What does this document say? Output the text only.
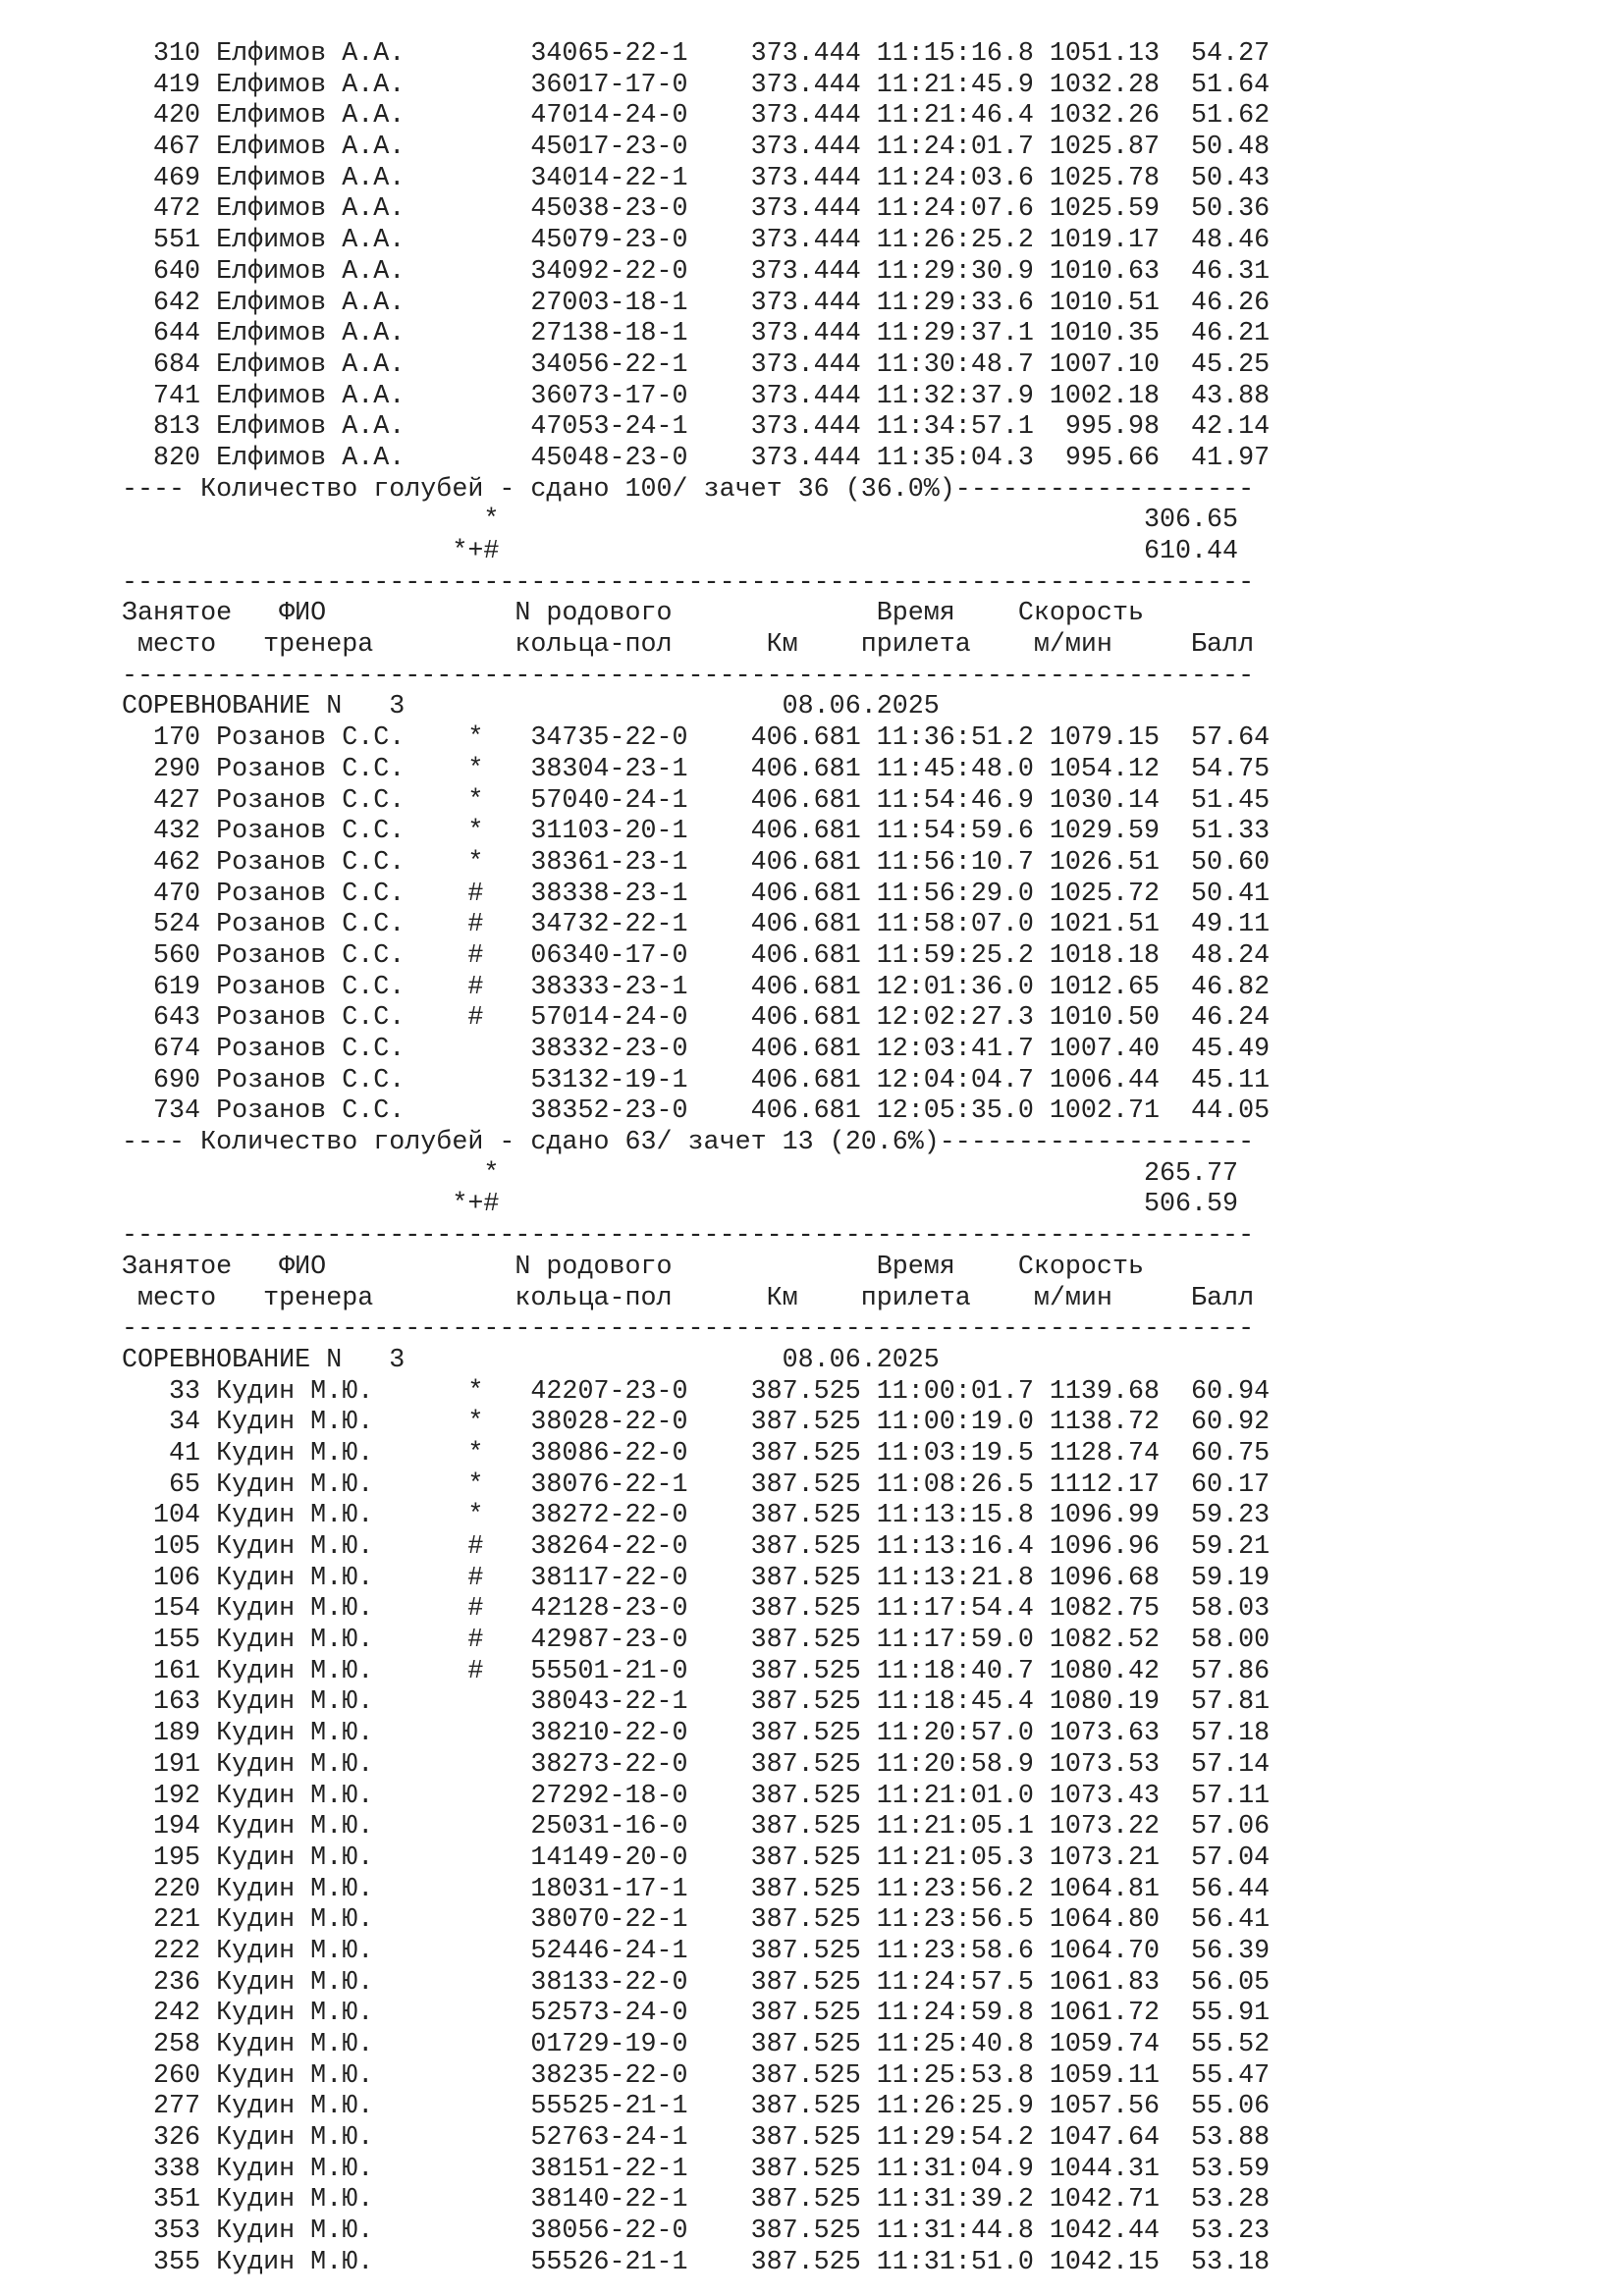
310 Елфимов А.А.        34065-22-1    373.444 11:15:16.8 1051.13  54.27
419 Елфимов А.А.        36017-17-0    373.444 11:21:45.9 1032.28  51.64
420 Елфимов А.А.        47014-24-0    373.444 11:21:46.4 1032.26  51.62
467 Елфимов А.А.        45017-23-0    373.444 11:24:01.7 1025.87  50.48
469 Елфимов А.А.        34014-22-1    373.444 11:24:03.6 1025.78  50.43
472 Елфимов А.А.        45038-23-0    373.444 11:24:07.6 1025.59  50.36
551 Елфимов А.А.        45079-23-0    373.444 11:26:25.2 1019.17  48.46
640 Елфимов А.А.        34092-22-0    373.444 11:29:30.9 1010.63  46.31
642 Елфимов А.А.        27003-18-1    373.444 11:29:33.6 1010.51  46.26
644 Елфимов А.А.        27138-18-1    373.444 11:29:37.1 1010.35  46.21
684 Елфимов А.А.        34056-22-1    373.444 11:30:48.7 1007.10  45.25
741 Елфимов А.А.        36073-17-0    373.444 11:32:37.9 1002.18  43.88
813 Елфимов А.А.        47053-24-1    373.444 11:34:57.1  995.98  42.14
820 Елфимов А.А.        45048-23-0    373.444 11:35:04.3  995.66  41.97
---- Количество голубей - сдано 100/ зачет 36 (36.0%)-------------------
*                                         306.65
*+#                                         610.44
------------------------------------------------------------------------
Занятое   ФИО            N родового             Время    Скорость
место   тренера         кольца-пол      Км    прилета    м/мин     Балл
------------------------------------------------------------------------
СОРЕВНОВАНИЕ N   3                        08.06.2025
170 Розанов С.С.    *   34735-22-0    406.681 11:36:51.2 1079.15  57.64
290 Розанов С.С.    *   38304-23-1    406.681 11:45:48.0 1054.12  54.75
427 Розанов С.С.    *   57040-24-1    406.681 11:54:46.9 1030.14  51.45
432 Розанов С.С.    *   31103-20-1    406.681 11:54:59.6 1029.59  51.33
462 Розанов С.С.    *   38361-23-1    406.681 11:56:10.7 1026.51  50.60
470 Розанов С.С.    #   38338-23-1    406.681 11:56:29.0 1025.72  50.41
524 Розанов С.С.    #   34732-22-1    406.681 11:58:07.0 1021.51  49.11
560 Розанов С.С.    #   06340-17-0    406.681 11:59:25.2 1018.18  48.24
619 Розанов С.С.    #   38333-23-1    406.681 12:01:36.0 1012.65  46.82
643 Розанов С.С.    #   57014-24-0    406.681 12:02:27.3 1010.50  46.24
674 Розанов С.С.        38332-23-0    406.681 12:03:41.7 1007.40  45.49
690 Розанов С.С.        53132-19-1    406.681 12:04:04.7 1006.44  45.11
734 Розанов С.С.        38352-23-0    406.681 12:05:35.0 1002.71  44.05
---- Количество голубей - сдано 63/ зачет 13 (20.6%)--------------------
*                                         265.77
*+#                                         506.59
------------------------------------------------------------------------
Занятое   ФИО            N родового             Время    Скорость
место   тренера         кольца-пол      Км    прилета    м/мин     Балл
------------------------------------------------------------------------
СОРЕВНОВАНИЕ N   3                        08.06.2025
33 Кудин М.Ю.      *   42207-23-0    387.525 11:00:01.7 1139.68  60.94
34 Кудин М.Ю.      *   38028-22-0    387.525 11:00:19.0 1138.72  60.92
41 Кудин М.Ю.      *   38086-22-0    387.525 11:03:19.5 1128.74  60.75
65 Кудин М.Ю.      *   38076-22-1    387.525 11:08:26.5 1112.17  60.17
104 Кудин М.Ю.      *   38272-22-0    387.525 11:13:15.8 1096.99  59.23
105 Кудин М.Ю.      #   38264-22-0    387.525 11:13:16.4 1096.96  59.21
106 Кудин М.Ю.      #   38117-22-0    387.525 11:13:21.8 1096.68  59.19
154 Кудин М.Ю.      #   42128-23-0    387.525 11:17:54.4 1082.75  58.03
155 Кудин М.Ю.      #   42987-23-0    387.525 11:17:59.0 1082.52  58.00
161 Кудин М.Ю.      #   55501-21-0    387.525 11:18:40.7 1080.42  57.86
163 Кудин М.Ю.          38043-22-1    387.525 11:18:45.4 1080.19  57.81
189 Кудин М.Ю.          38210-22-0    387.525 11:20:57.0 1073.63  57.18
191 Кудин М.Ю.          38273-22-0    387.525 11:20:58.9 1073.53  57.14
192 Кудин М.Ю.          27292-18-0    387.525 11:21:01.0 1073.43  57.11
194 Кудин М.Ю.          25031-16-0    387.525 11:21:05.1 1073.22  57.06
195 Кудин М.Ю.          14149-20-0    387.525 11:21:05.3 1073.21  57.04
220 Кудин М.Ю.          18031-17-1    387.525 11:23:56.2 1064.81  56.44
221 Кудин М.Ю.          38070-22-1    387.525 11:23:56.5 1064.80  56.41
222 Кудин М.Ю.          52446-24-1    387.525 11:23:58.6 1064.70  56.39
236 Кудин М.Ю.          38133-22-0    387.525 11:24:57.5 1061.83  56.05
242 Кудин М.Ю.          52573-24-0    387.525 11:24:59.8 1061.72  55.91
258 Кудин М.Ю.          01729-19-0    387.525 11:25:40.8 1059.74  55.52
260 Кудин М.Ю.          38235-22-0    387.525 11:25:53.8 1059.11  55.47
277 Кудин М.Ю.          55525-21-1    387.525 11:26:25.9 1057.56  55.06
326 Кудин М.Ю.          52763-24-1    387.525 11:29:54.2 1047.64  53.88
338 Кудин М.Ю.          38151-22-1    387.525 11:31:04.9 1044.31  53.59
351 Кудин М.Ю.          38140-22-1    387.525 11:31:39.2 1042.71  53.28
353 Кудин М.Ю.          38056-22-0    387.525 11:31:44.8 1042.44  53.23
355 Кудин М.Ю.          55526-21-1    387.525 11:31:51.0 1042.15  53.18
